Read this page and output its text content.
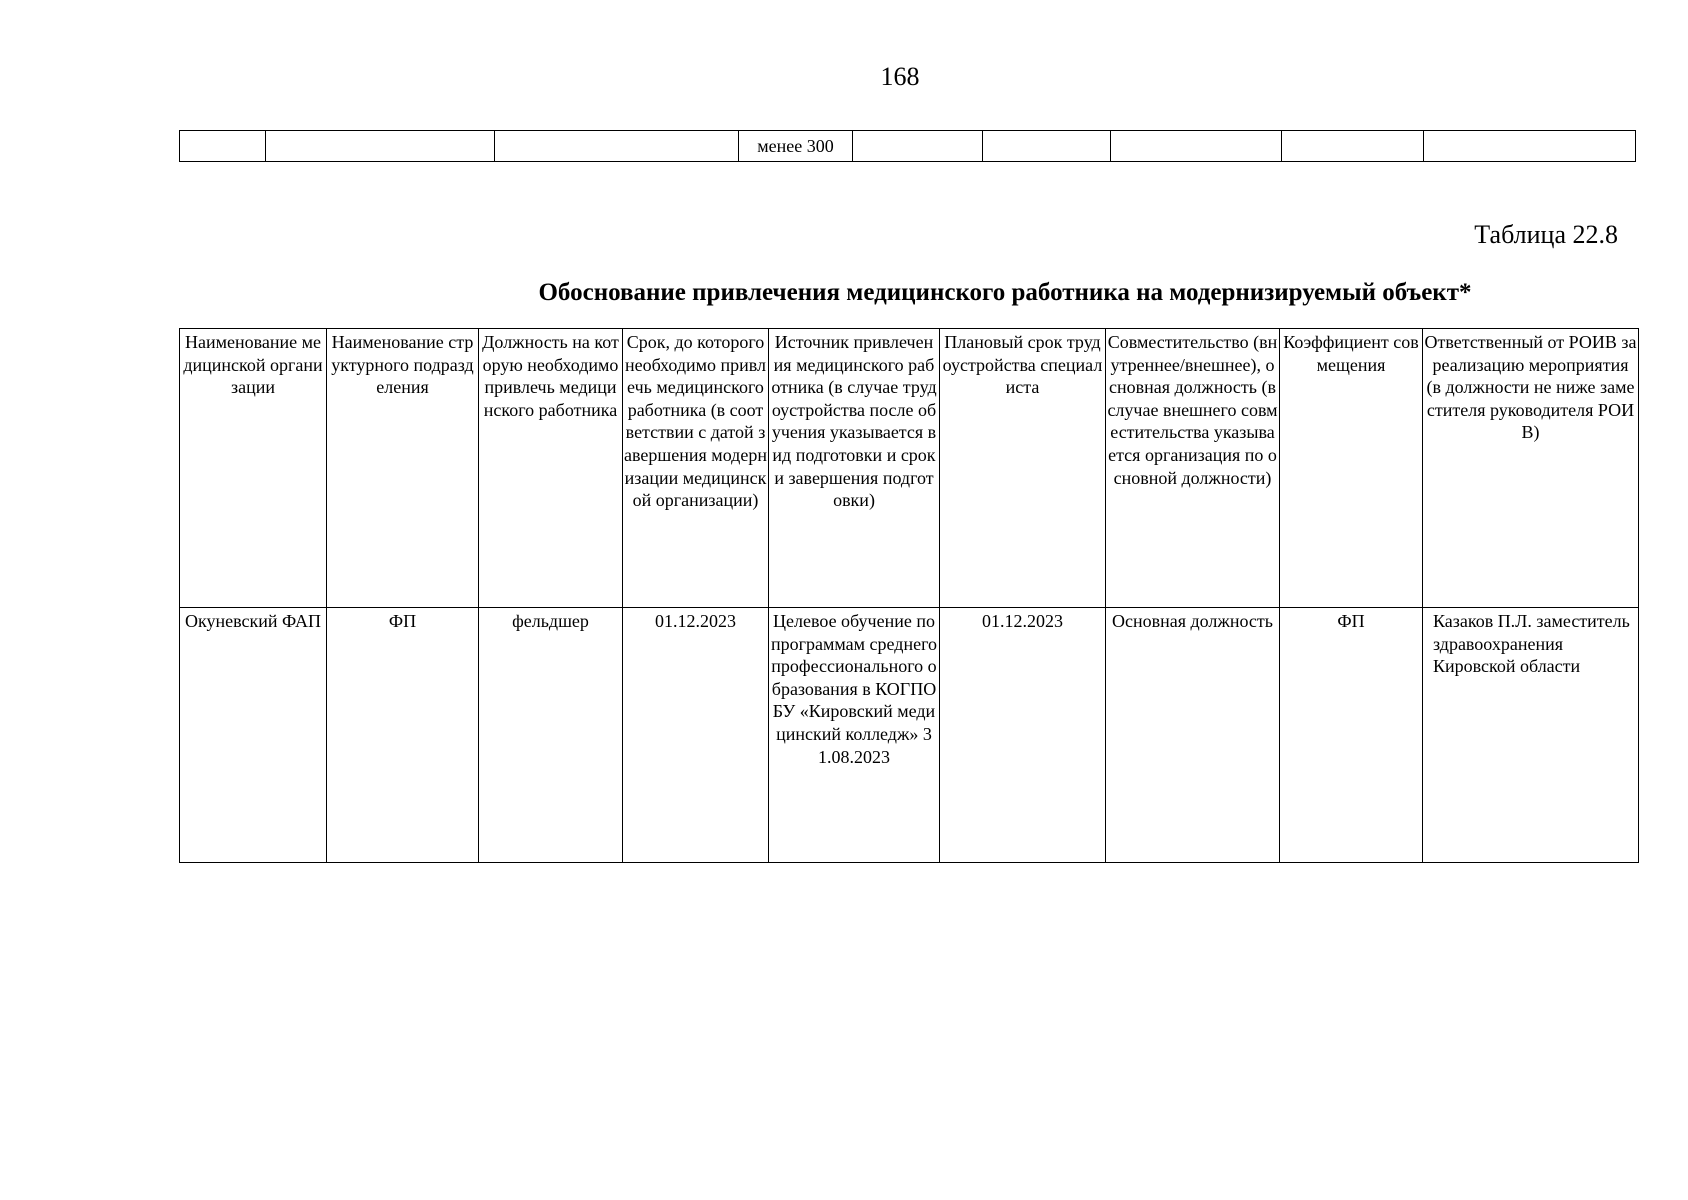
168
			менее 300					
Таблица 22.8
Обоснование привлечения медицинского работника на модернизируемый объект*
Наименование медицинской организации	Наименование структурного подразделения	Должность на которую необходимо привлечь медицинского работника	Срок, до которого необходимо привлечь медицинского работника (в соответствии с датой завершения модернизации медицинской организации)	Источник привлечения медицинского работника (в случае трудоустройства после обучения указывается вид подготовки и сроки завершения подготовки)	Плановый срок трудоустройства специалиста	Совместительство (внутреннее/внешнее), основная должность (в случае внешнего совместительства указывается организация по основной должности)	Коэффициент совмещения	Ответственный от РОИВ за реализацию мероприятия (в должности не ниже заместителя руководителя РОИВ)
Окуневский ФАП	ФП	фельдшер	01.12.2023	Целевое обучение по программам среднего профессионального образования в КОГПОБУ «Кировский медицинский колледж» 31.08.2023	01.12.2023	Основная должность	ФП	Казаков П.Л. заместитель здравоохранения Кировской области
